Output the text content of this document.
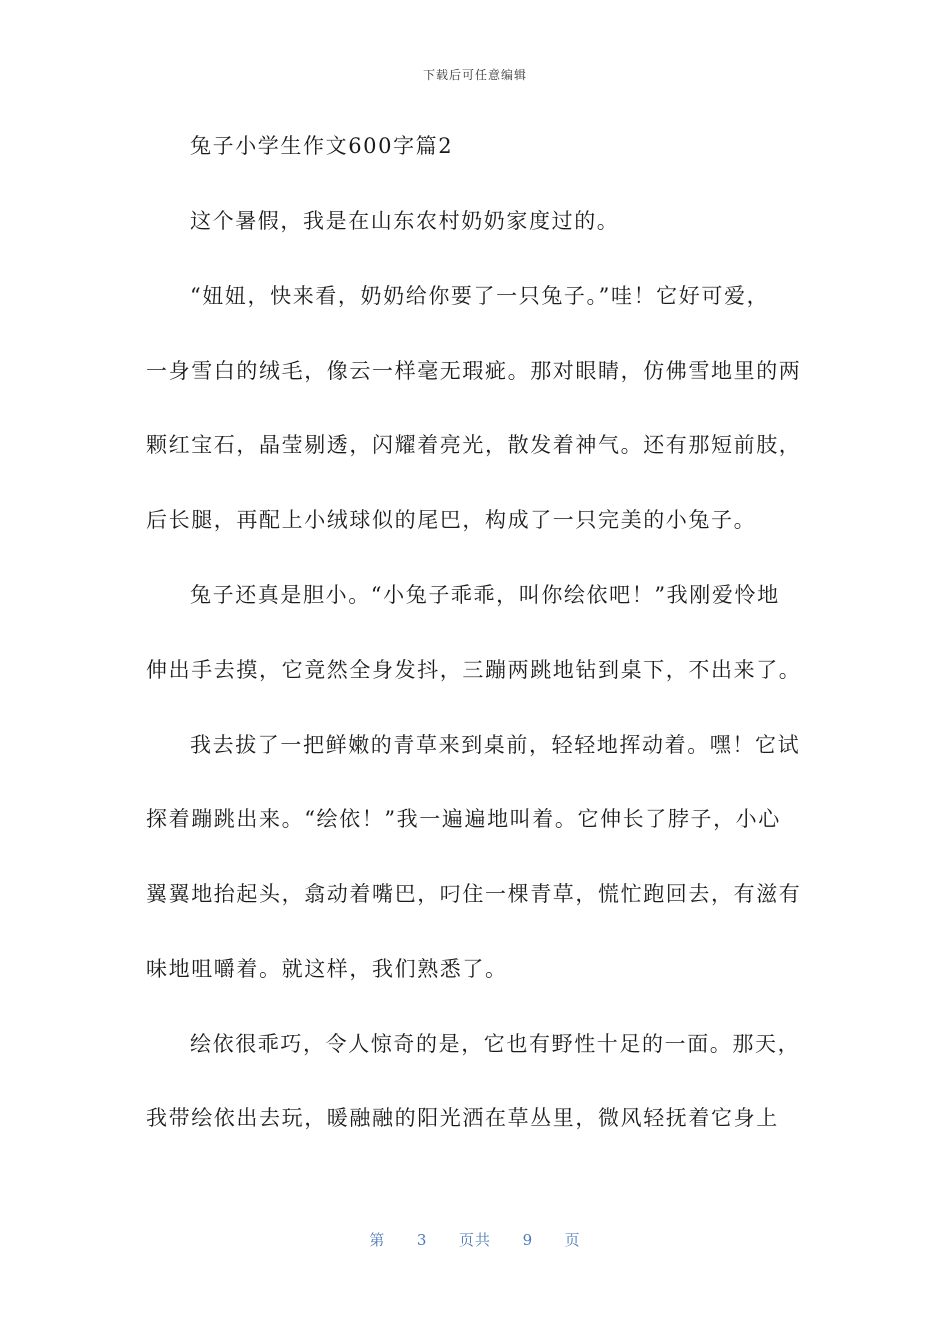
下载后可任意编辑
兔子小学生作文600字篇2
这个暑假，我是在山东农村奶奶家度过的。
“妞妞，快来看，奶奶给你要了一只兔子。”哇！它好可爱，
一身雪白的绒毛，像云一样毫无瑕疵。那对眼睛，仿佛雪地里的两
颗红宝石，晶莹剔透，闪耀着亮光，散发着神气。还有那短前肢，
后长腿，再配上小绒球似的尾巴，构成了一只完美的小兔子。
兔子还真是胆小。“小兔子乖乖，叫你绘依吧！”我刚爱怜地
伸出手去摸，它竟然全身发抖，三蹦两跳地钻到桌下，不出来了。
我去拔了一把鲜嫩的青草来到桌前，轻轻地挥动着。嘿！它试
探着蹦跳出来。“绘依！”我一遍遍地叫着。它伸长了脖子，小心
翼翼地抬起头，翕动着嘴巴，叼住一棵青草，慌忙跑回去，有滋有
味地咀嚼着。就这样，我们熟悉了。
绘依很乖巧，令人惊奇的是，它也有野性十足的一面。那天，
我带绘依出去玩，暖融融的阳光洒在草丛里，微风轻抚着它身上
第 3 页共 9 页
